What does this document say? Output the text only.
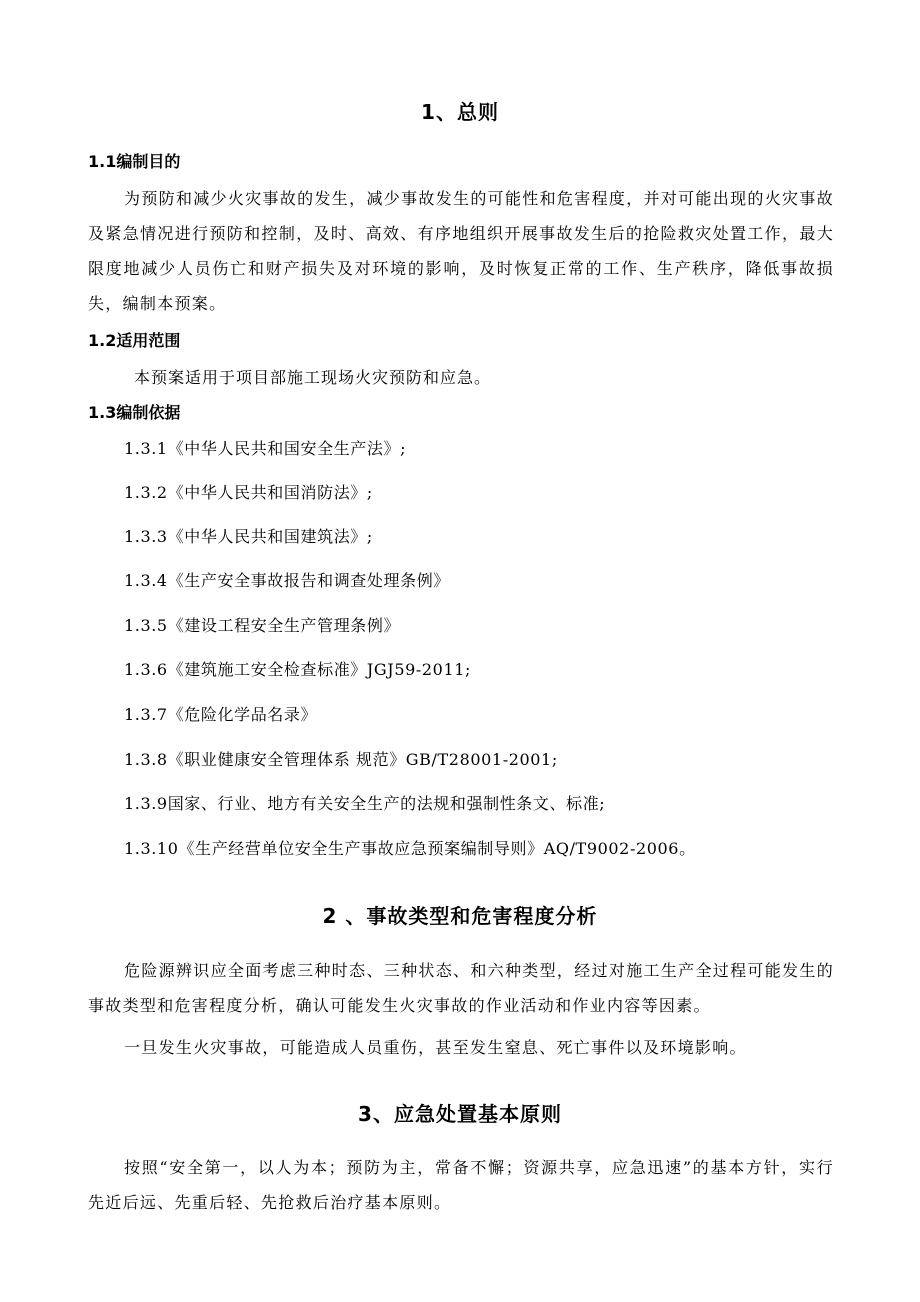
1、总则
1.1编制目的

为预防和减少火灾事故的发生，减少事故发生的可能性和危害程度，并对可能出现的火灾事故及紧急情况进行预防和控制，及时、高效、有序地组织开展事故发生后的抢险救灾处置工作，最大限度地减少人员伤亡和财产损失及对环境的影响，及时恢复正常的工作、生产秩序，降低事故损失，编制本预案。

1.2适用范围
本预案适用于项目部施工现场火灾预防和应急。
1.3编制依据
1.3.1《中华人民共和国安全生产法》;
1.3.2《中华人民共和国消防法》;
1.3.3《中华人民共和国建筑法》;
1.3.4《生产安全事故报告和调查处理条例》
1.3.5《建设工程安全生产管理条例》
1.3.6《建筑施工安全检查标准》JGJ59-2011;
1.3.7《危险化学品名录》
1.3.8《职业健康安全管理体系 规范》GB/T28001-2001;
1.3.9国家、行业、地方有关安全生产的法规和强制性条文、标准;
1.3.10《生产经营单位安全生产事故应急预案编制导则》AQ/T9002-2006。
2 、事故类型和危害程度分析

危险源辨识应全面考虑三种时态、三种状态、和六种类型，经过对施工生产全过程可能发生的事故类型和危害程度分析，确认可能发生火灾事故的作业活动和作业内容等因素。

一旦发生火灾事故，可能造成人员重伤，甚至发生窒息、死亡事件以及环境影响。

3、应急处置基本原则

按照“安全第一，以人为本；预防为主，常备不懈；资源共享，应急迅速”的基本方针，实行先近后远、先重后轻、先抢救后治疗基本原则。
